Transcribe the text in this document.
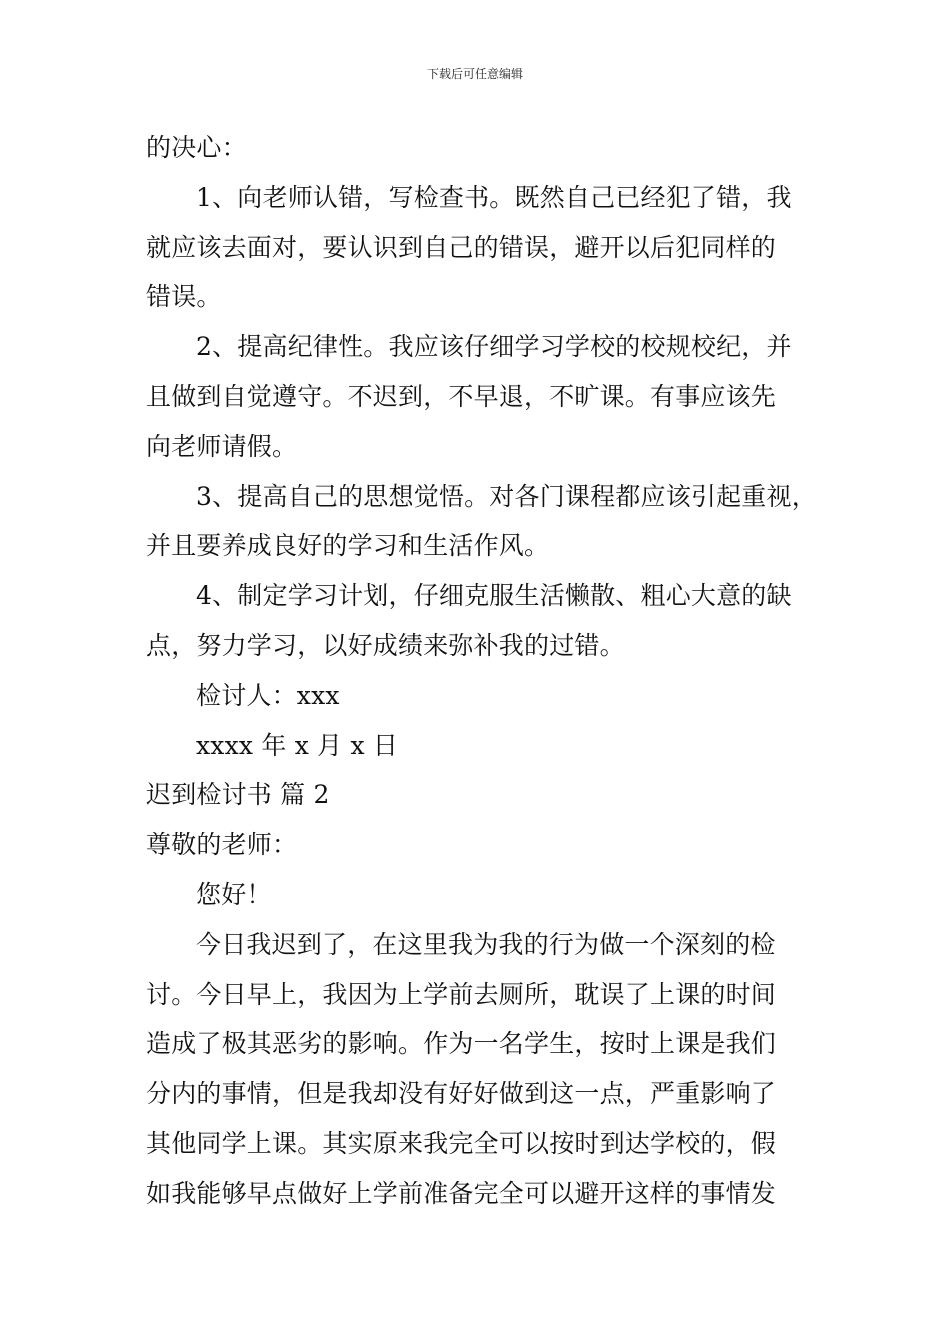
下载后可任意编辑
的决心：
1、向老师认错，写检查书。既然自己已经犯了错，我
就应该去面对，要认识到自己的错误，避开以后犯同样的
错误。
2、提高纪律性。我应该仔细学习学校的校规校纪，并
且做到自觉遵守。不迟到，不早退，不旷课。有事应该先
向老师请假。
3、提高自己的思想觉悟。对各门课程都应该引起重视，
并且要养成良好的学习和生活作风。
4、制定学习计划，仔细克服生活懒散、粗心大意的缺
点，努力学习，以好成绩来弥补我的过错。
检讨人：xxx
xxxx 年 x 月 x 日
迟到检讨书 篇 2
尊敬的老师：
您好！
今日我迟到了，在这里我为我的行为做一个深刻的检
讨。今日早上，我因为上学前去厕所，耽误了上课的时间
造成了极其恶劣的影响。作为一名学生，按时上课是我们
分内的事情，但是我却没有好好做到这一点，严重影响了
其他同学上课。其实原来我完全可以按时到达学校的，假
如我能够早点做好上学前准备完全可以避开这样的事情发
